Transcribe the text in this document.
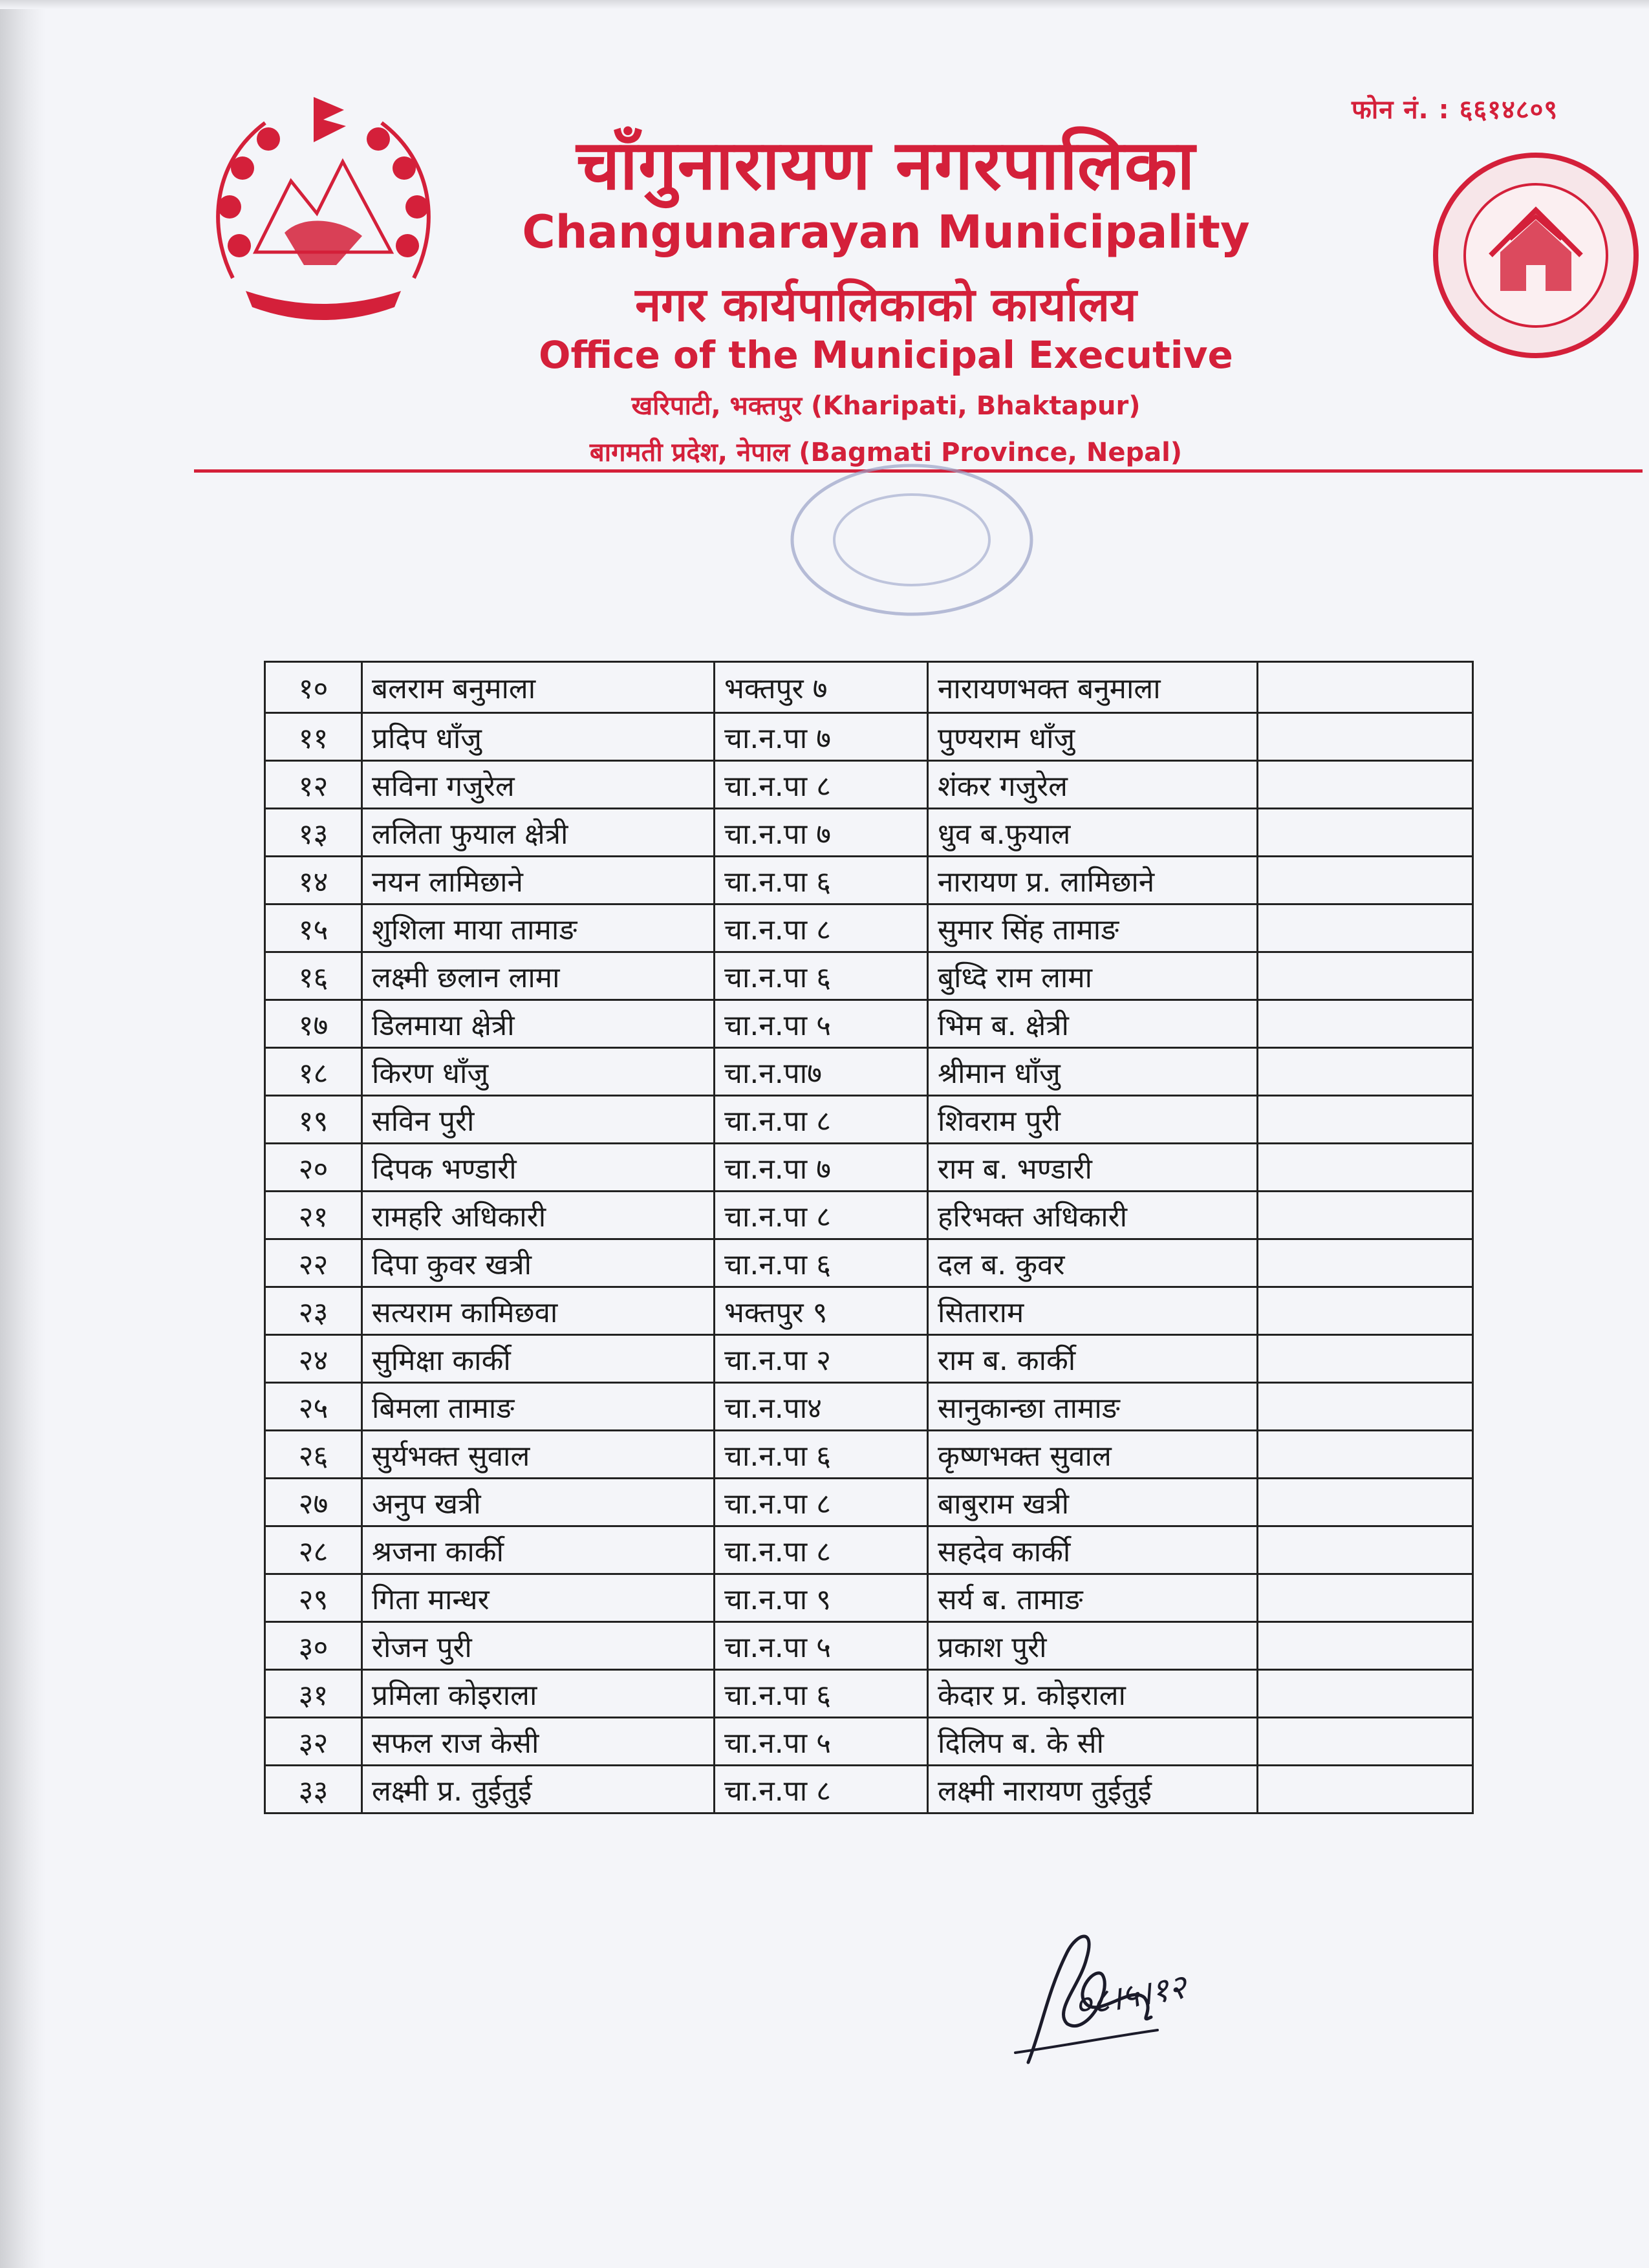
चाँगुनारायण नगरपालिका
Changunarayan Municipality
नगर कार्यपालिकाको कार्यालय
Office of the Municipal Executive
खरिपाटी, भक्तपुर (Kharipati, Bhaktapur)
बागमती प्रदेश, नेपाल (Bagmati Province, Nepal)
फोन नं. : ६६१४८०९
१०	बलराम बनुमाला	भक्तपुर ७	नारायणभक्त बनुमाला	
११	प्रदिप धाँजु	चा.न.पा ७	पुण्यराम धाँजु	
१२	सविना गजुरेल	चा.न.पा ८	शंकर गजुरेल	
१३	ललिता फुयाल क्षेत्री	चा.न.पा ७	धुव ब.फुयाल	
१४	नयन लामिछाने	चा.न.पा ६	नारायण प्र. लामिछाने	
१५	शुशिला माया तामाङ	चा.न.पा ८	सुमार सिंह तामाङ	
१६	लक्ष्मी छलान लामा	चा.न.पा ६	बुध्दि राम लामा	
१७	डिलमाया क्षेत्री	चा.न.पा ५	भिम ब. क्षेत्री	
१८	किरण धाँजु	चा.न.पा७	श्रीमान धाँजु	
१९	सविन पुरी	चा.न.पा ८	शिवराम पुरी	
२०	दिपक भण्डारी	चा.न.पा ७	राम ब. भण्डारी	
२१	रामहरि अधिकारी	चा.न.पा ८	हरिभक्त अधिकारी	
२२	दिपा कुवर खत्री	चा.न.पा ६	दल ब. कुवर	
२३	सत्यराम कामिछवा	भक्तपुर ९	सिताराम	
२४	सुमिक्षा कार्की	चा.न.पा २	राम ब. कार्की	
२५	बिमला तामाङ	चा.न.पा४	सानुकान्छा तामाङ	
२६	सुर्यभक्त सुवाल	चा.न.पा ६	कृष्णभक्त सुवाल	
२७	अनुप खत्री	चा.न.पा ८	बाबुराम खत्री	
२८	श्रजना कार्की	चा.न.पा ८	सहदेव कार्की	
२९	गिता मान्धर	चा.न.पा ९	सर्य ब. तामाङ	
३०	रोजन पुरी	चा.न.पा ५	प्रकाश पुरी	
३१	प्रमिला कोइराला	चा.न.पा ६	केदार प्र. कोइराला	
३२	सफल राज केसी	चा.न.पा ५	दिलिप ब. के सी	
३३	लक्ष्मी प्र. तुईतुई	चा.न.पा ८	लक्ष्मी नारायण तुईतुई	
०८।५।१२
